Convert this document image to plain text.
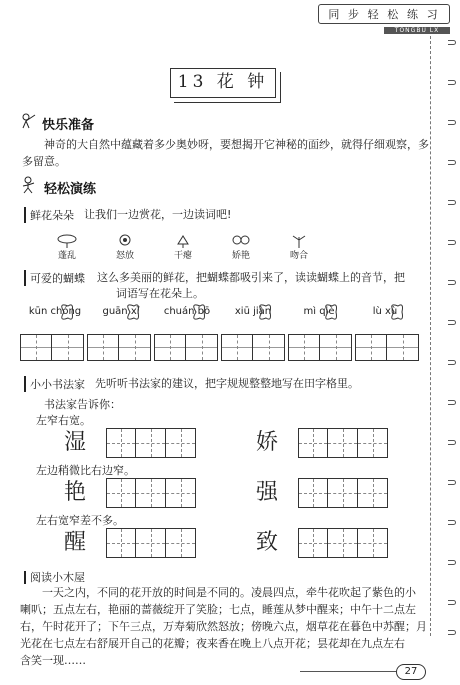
同 步 轻 松 练 习
TONGBU LX
13 花 钟
快乐准备
神奇的大自然中蕴藏着多少奥妙呀，要想揭开它神秘的面纱，就得仔细观察，多多留意。
轻松演练
鲜花朵朵 让我们一边赏花，一边读词吧!
蓬乱	怒放	干瘪	娇艳	吻合
可爱的蝴蝶 这么多美丽的鲜花，把蝴蝶都吸引来了，读读蝴蝶上的音节，把
词语写在花朵上。
kūn chóng	guān xī	chuán bō	xiū jiàn	mì qiè	lù xù
小小书法家 先听听书法家的建议，把字规规整整地写在田字格里。
书法家告诉你：
左窄右宽。
湿	娇
左边稍微比右边窄。
艳	强
左右宽窄差不多。
醒	致
阅读小木屋
一天之内，不同的花开放的时间是不同的。凌晨四点，牵牛花吹起了紫色的小
喇叭；五点左右，艳丽的蔷薇绽开了笑脸；七点，睡莲从梦中醒来；中午十二点左
右，午时花开了；下午三点，万寿菊欣然怒放；傍晚六点，烟草花在暮色中苏醒；月
光花在七点左右舒展开自己的花瓣；夜来香在晚上八点开花；昙花却在九点左右
含笑一现……
27
